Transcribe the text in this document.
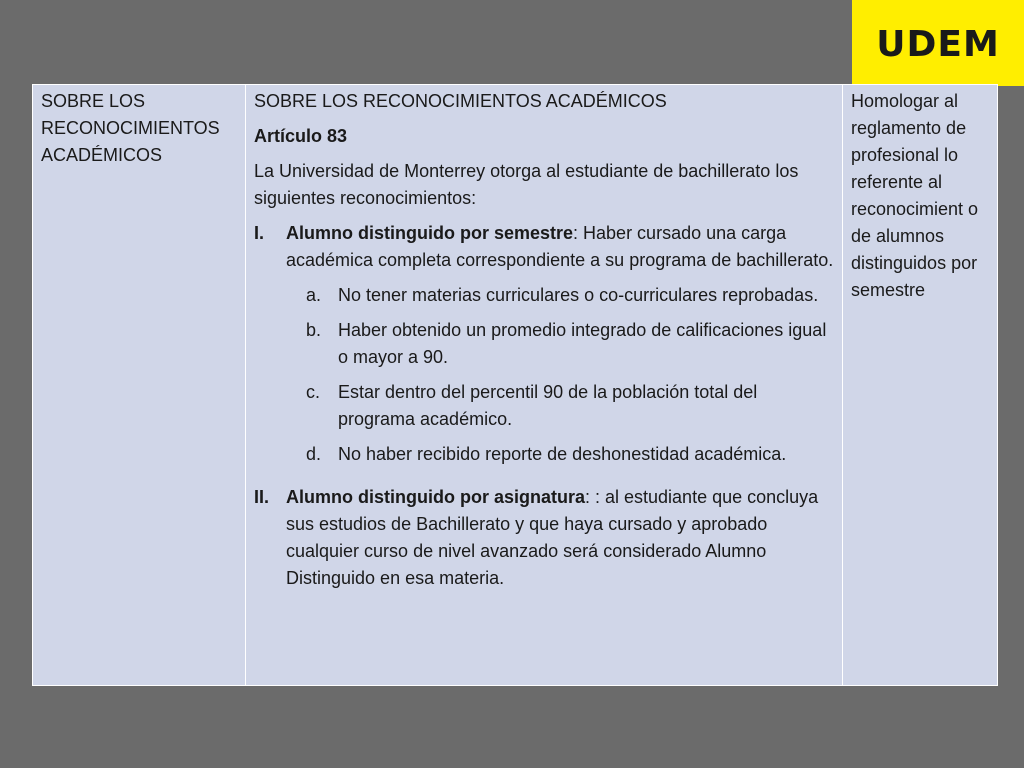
UDEM
SOBRE LOS RECONOCIMIENTOS ACADÉMICOS	
SOBRE LOS RECONOCIMIENTOS ACADÉMICOS
Artículo 83
La Universidad de Monterrey otorga al estudiante de bachillerato los siguientes reconocimientos:
I.	Alumno distinguido por semestre: Haber cursado una carga académica completa correspondiente a su programa de bachillerato.
a. No tener materias curriculares o co-curriculares reprobadas.
b. Haber obtenido un promedio integrado de calificaciones igual o mayor a 90.
c. Estar dentro del percentil 90 de la población total del programa académico.
d. No haber recibido reporte de deshonestidad académica.
II. Alumno distinguido por asignatura: : al estudiante que concluya sus estudios de Bachillerato y que haya cursado y aprobado cualquier curso de nivel avanzado será considerado Alumno Distinguido en esa materia.
	Homologar al reglamento de profesional lo referente al reconocimient o de alumnos distinguidos por semestre
